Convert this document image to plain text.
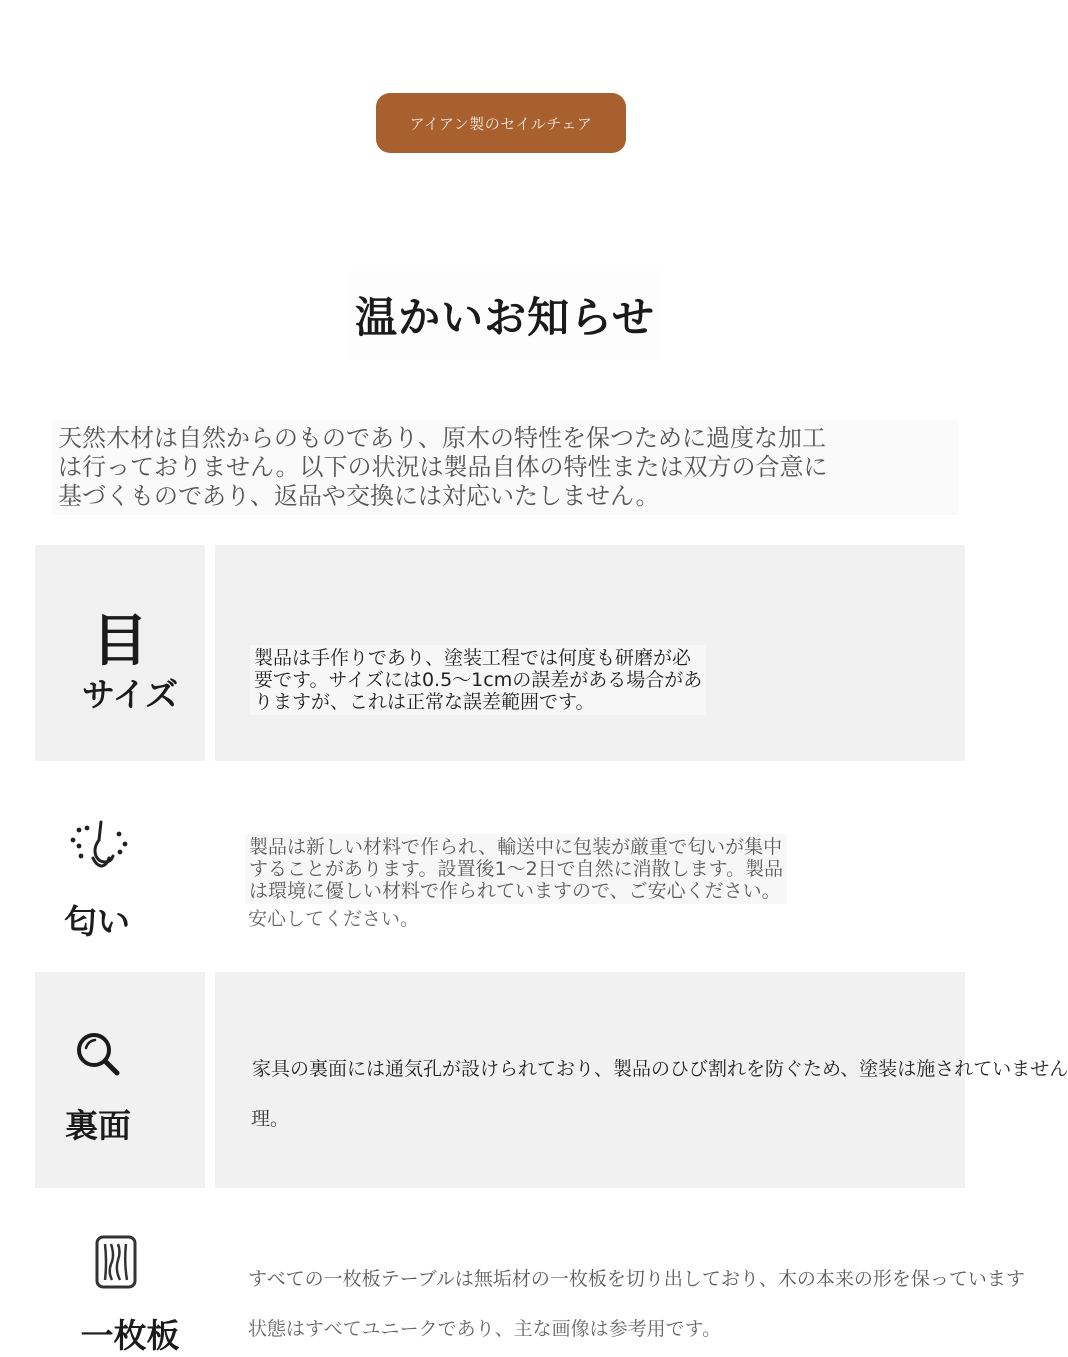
アイアン製のセイルチェア
温かいお知らせ
天然木材は自然からのものであり、原木の特性を保つために過度な加工
は行っておりません。以下の状況は製品自体の特性または双方の合意に
基づくものであり、返品や交換には対応いたしません。
目
サイズ

製品は手作りであり、塗装工程では何度も研磨が必
要です。サイズには0.5〜1cmの誤差がある場合があ
りますが、これは正常な誤差範囲です。

匂い

製品は新しい材料で作られ、輸送中に包装が厳重で匂いが集中
することがあります。設置後1〜2日で自然に消散します。製品
は環境に優しい材料で作られていますので、ご安心ください。

安心してください。
裏面
家具の裏面には通気孔が設けられており、製品のひび割れを防ぐため、塗装は施されていません
理。
一枚板
すべての一枚板テーブルは無垢材の一枚板を切り出しており、木の本来の形を保っています
状態はすべてユニークであり、主な画像は参考用です。
